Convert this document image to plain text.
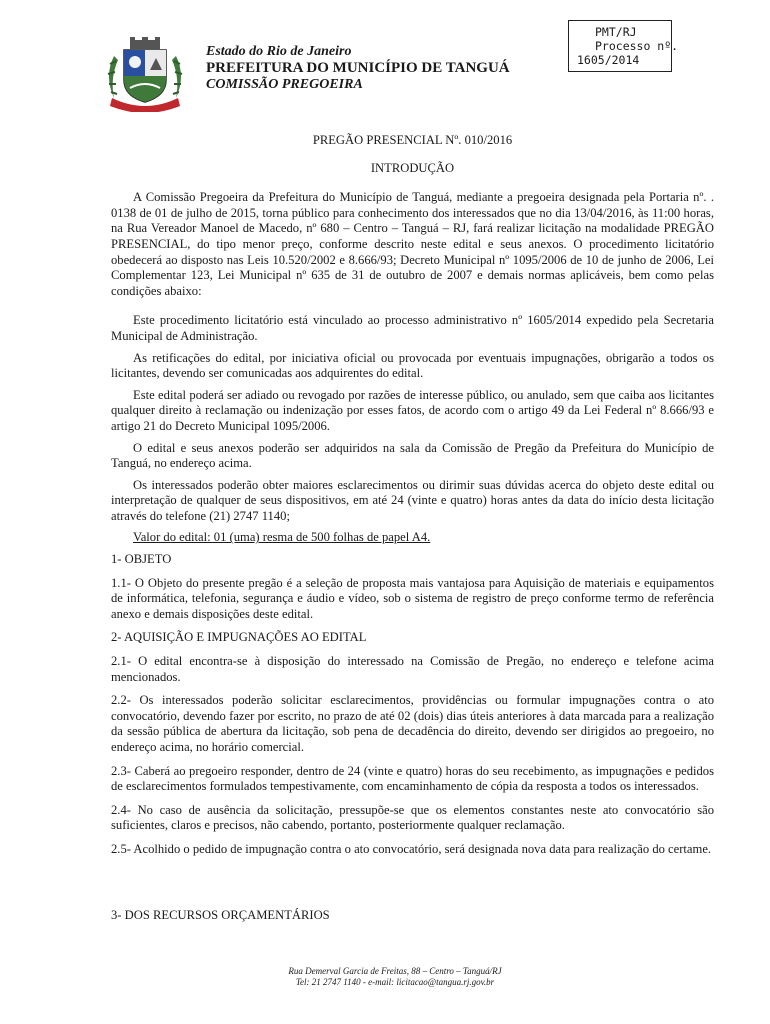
Estado do Rio de Janeiro
PREFEITURA DO MUNICÍPIO DE TANGUÁ
COMISSÃO PREGOEIRA
PMT/RJ
Processo nº.
1605/2014

PREGÃO PRESENCIAL Nº. 010/2016

INTRODUÇÃO

A Comissão Pregoeira da Prefeitura do Município de Tanguá, mediante a pregoeira designada pela Portaria nº. . 0138 de 01 de julho de 2015, torna público para conhecimento dos interessados que no dia 13/04/2016, às 11:00 horas, na Rua Vereador Manoel de Macedo, nº 680 – Centro – Tanguá – RJ, fará realizar licitação na modalidade PREGÃO PRESENCIAL, do tipo menor preço, conforme descrito neste edital e seus anexos. O procedimento licitatório obedecerá ao disposto nas Leis 10.520/2002 e 8.666/93; Decreto Municipal nº 1095/2006 de 10 de junho de 2006, Lei Complementar 123, Lei Municipal nº 635 de 31 de outubro de 2007 e demais normas aplicáveis, bem como pelas condições abaixo:

Este procedimento licitatório está vinculado ao processo administrativo nº 1605/2014 expedido pela Secretaria Municipal de Administração.

As retificações do edital, por iniciativa oficial ou provocada por eventuais impugnações, obrigarão a todos os licitantes, devendo ser comunicadas aos adquirentes do edital.

Este edital poderá ser adiado ou revogado por razões de interesse público, ou anulado, sem que caiba aos licitantes qualquer direito à reclamação ou indenização por esses fatos, de acordo com o artigo 49 da Lei Federal nº 8.666/93 e artigo 21 do Decreto Municipal 1095/2006.

O edital e seus anexos poderão ser adquiridos na sala da Comissão de Pregão da Prefeitura do Município de Tanguá, no endereço acima.

Os interessados poderão obter maiores esclarecimentos ou dirimir suas dúvidas acerca do objeto deste edital ou interpretação de qualquer de seus dispositivos, em até 24 (vinte e quatro) horas antes da data do início desta licitação através do telefone (21) 2747 1140;

Valor do edital: 01 (uma) resma de 500 folhas de papel A4.

1- OBJETO

1.1- O Objeto do presente pregão é a seleção de proposta mais vantajosa para Aquisição de materiais e equipamentos de informática, telefonia, segurança e áudio e vídeo, sob o sistema de registro de preço conforme termo de referência anexo e demais disposições deste edital.

2- AQUISIÇÃO E IMPUGNAÇÕES AO EDITAL

2.1- O edital encontra-se à disposição do interessado na Comissão de Pregão, no endereço e telefone acima mencionados.

2.2- Os interessados poderão solicitar esclarecimentos, providências ou formular impugnações contra o ato convocatório, devendo fazer por escrito, no prazo de até 02 (dois) dias úteis anteriores à data marcada para a realização da sessão pública de abertura da licitação, sob pena de decadência do direito, devendo ser dirigidos ao pregoeiro, no endereço acima, no horário comercial.

2.3- Caberá ao pregoeiro responder, dentro de 24 (vinte e quatro) horas do seu recebimento, as impugnações e pedidos de esclarecimentos formulados tempestivamente, com encaminhamento de cópia da resposta a todos os interessados.

2.4- No caso de ausência da solicitação, pressupõe-se que os elementos constantes neste ato convocatório são suficientes, claros e precisos, não cabendo, portanto, posteriormente qualquer reclamação.

2.5- Acolhido o pedido de impugnação contra o ato convocatório, será designada nova data para realização do certame.

3- DOS RECURSOS ORÇAMENTÁRIOS
Rua Demerval Garcia de Freitas, 88 – Centro – Tanguá/RJ
Tel: 21 2747 1140 - e-mail: licitacao@tangua.rj.gov.br
